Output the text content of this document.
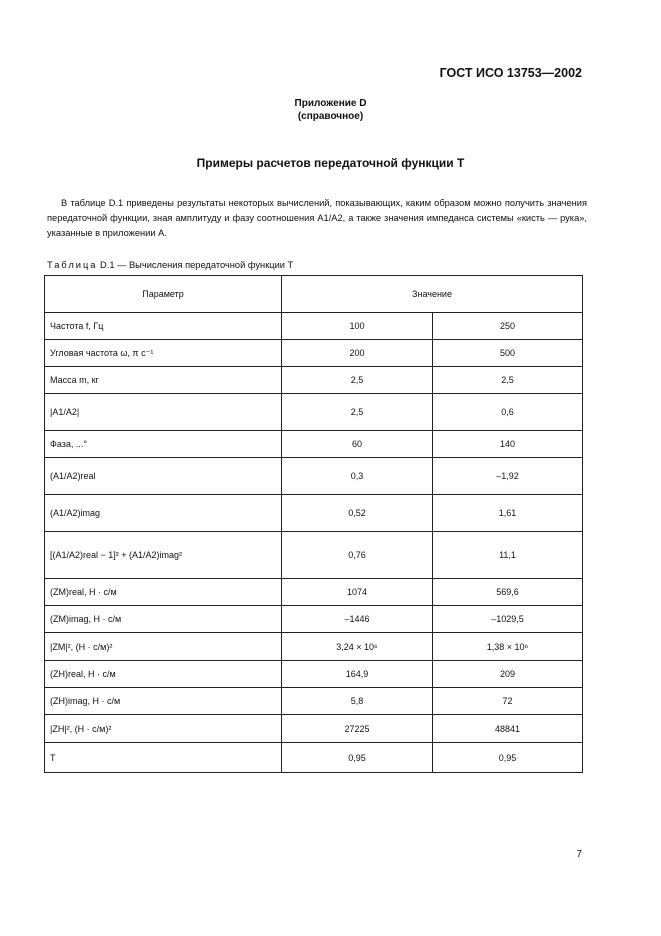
ГОСТ ИСО 13753—2002
Приложение D
(справочное)
Примеры расчетов передаточной функции T

В таблице D.1 приведены результаты некоторых вычислений, показывающих, каким образом можно получить значения передаточной функции, зная амплитуду и фазу соотношения A1/A2, а также значения импеданса системы «кисть — рука», указанные в приложении A.

Таблица D.1 — Вычисления передаточной функции T
Параметр	Значение	
Частота f, Гц	100	250
Угловая частота ω, π с⁻¹	200	500
Масса m, кг	2,5	2,5
|A1/A2|	2,5	0,6
Фаза, ...°	60	140
(A1/A2)real	0,3	–1,92
(A1/A2)imag	0,52	1,61
[(A1/A2)real − 1]² + (A1/A2)imag²	0,76	11,1
(ZM)real, Н · с/м	1074	569,6
(ZM)imag, Н · с/м	–1446	–1029,5
|ZM|², (Н · с/м)²	3,24 × 10⁶	1,38 × 10⁶
(ZH)real, Н · с/м	164,9	209
(ZH)imag, Н · с/м	5,8	72
|ZH|², (Н · с/м)²	27225	48841
T	0,95	0,95
7
